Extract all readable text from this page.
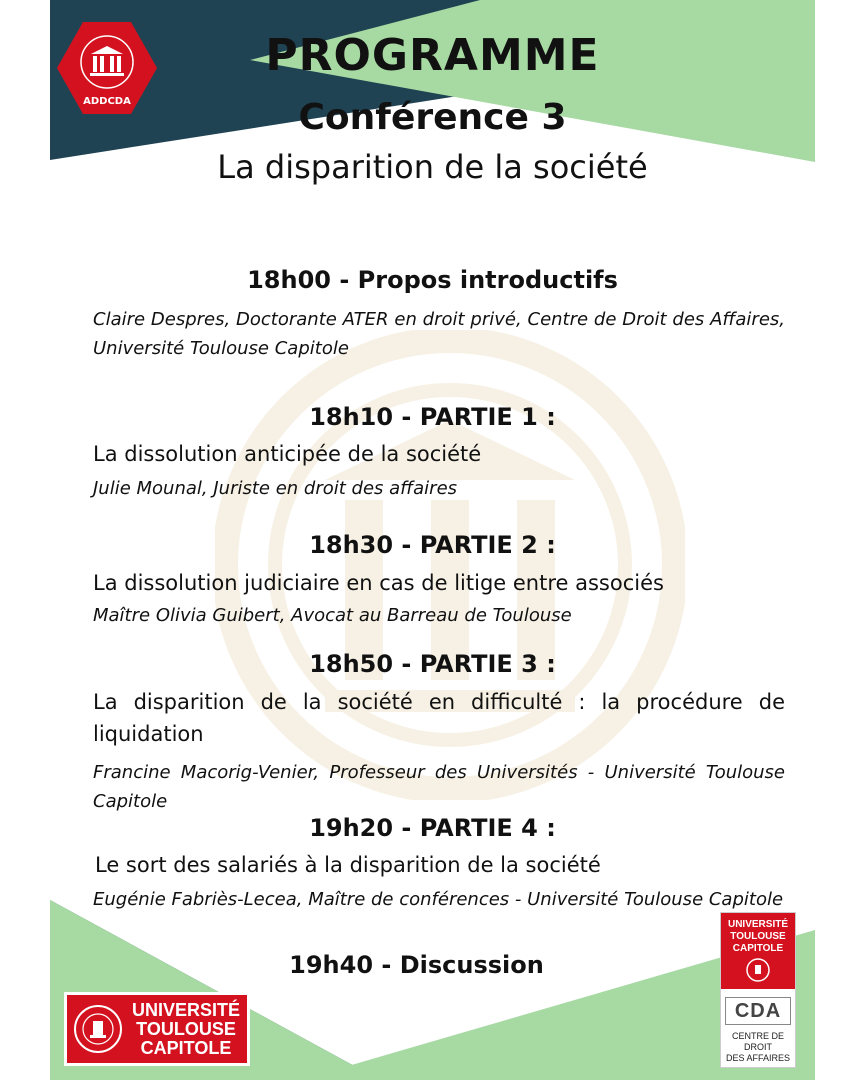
ADDCDA
PROGRAMME
Conférence 3
La disparition de la société
18h00 - Propos introductifs
Claire Despres, Doctorante ATER en droit privé, Centre de Droit des Affaires, Université Toulouse Capitole
18h10 - PARTIE 1 :
La dissolution anticipée de la société
Julie Mounal, Juriste en droit des affaires
18h30 - PARTIE 2 :
La dissolution judiciaire en cas de litige entre associés
Maître Olivia Guibert, Avocat au Barreau de Toulouse
18h50 - PARTIE 3 :
La disparition de la société en difficulté : la procédure de liquidation
Francine Macorig-Venier, Professeur des Universités - Université Toulouse Capitole
19h20 - PARTIE 4 :
Le sort des salariés à la disparition de la société
Eugénie Fabriès-Lecea, Maître de conférences - Université Toulouse Capitole
19h40 - Discussion
UNIVERSITÉ
TOULOUSE
CAPITOLE
UNIVERSITÉ
TOULOUSE
CAPITOLE
CDA
CENTRE DE DROIT
DES AFFAIRES
